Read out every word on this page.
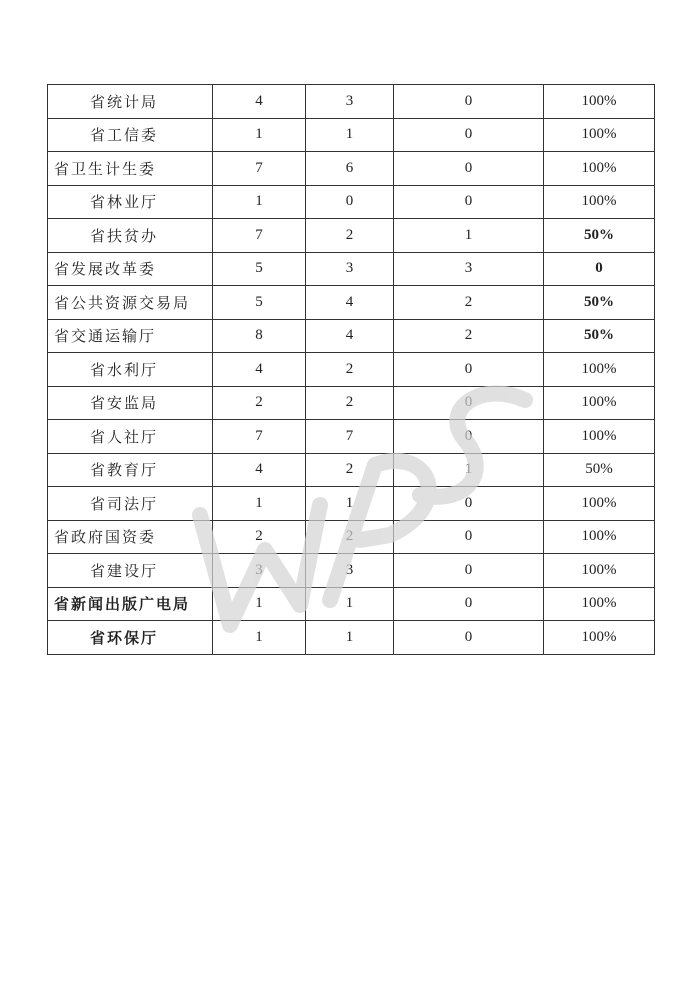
省统计局	4	3	0	100%
省工信委	1	1	0	100%
省卫生计生委	7	6	0	100%
省林业厅	1	0	0	100%
省扶贫办	7	2	1	50%
省发展改革委	5	3	3	0
省公共资源交易局	5	4	2	50%
省交通运输厅	8	4	2	50%
省水利厅	4	2	0	100%
省安监局	2	2	0	100%
省人社厅	7	7	0	100%
省教育厅	4	2	1	50%
省司法厅	1	1	0	100%
省政府国资委	2	2	0	100%
省建设厅	3	3	0	100%
省新闻出版广电局	1	1	0	100%
省环保厅	1	1	0	100%
